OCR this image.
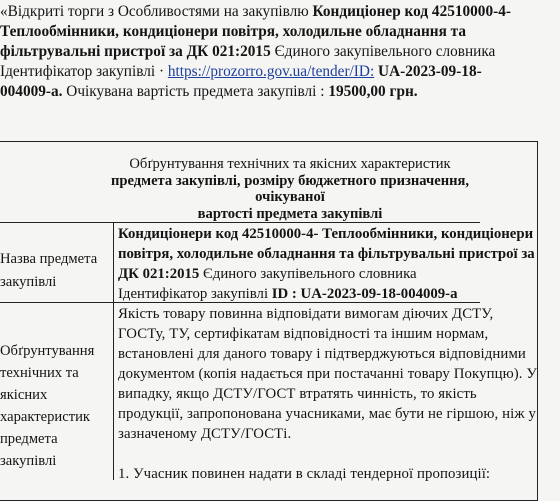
«Відкриті торги з Особливостями на закупівлю Кондиціонер код 42510000-4-
Теплообмінники, кондиціонери повітря, холодильне обладнання та
фільтрувальні пристрої за ДК 021:2015 Єдиного закупівельного словника
Ідентифікатор закупівлі · https://prozorro.gov.ua/tender/ID: UA-2023-09-18-
004009-а. Очікувана вартість предмета закупівлі : 19500,00 грн.
Обґрунтування технічних та якісних характеристик
предмета закупівлі, розміру бюджетного призначення, очікуваної
вартості предмета закупівлі
Назва предмета
закупівлі
Кондиціонери код 42510000-4- Теплообмінники, кондиціонери
повітря, холодильне обладнання та фільтрувальні пристрої за
ДК 021:2015 Єдиного закупівельного словника
Ідентифікатор закупівлі ID : UA-2023-09-18-004009-а
Обґрунтування
технічних та
якісних
характеристик
предмета
закупівлі
Якість товару повинна відповідати вимогам діючих ДСТУ,
ГОСТу, ТУ, сертифікатам відповідності та іншим нормам,
встановлені для даного товару і підтверджуються відповідними
документом (копія надається при постачанні товару Покупцю). У
випадку, якщо ДСТУ/ГОСТ втратять чинність, то якість
продукції, запропонована учасниками, має бути не гіршою, ніж у
зазначеному ДСТУ/ГОСТі.
1. Учасник повинен надати в складі тендерної пропозиції:
